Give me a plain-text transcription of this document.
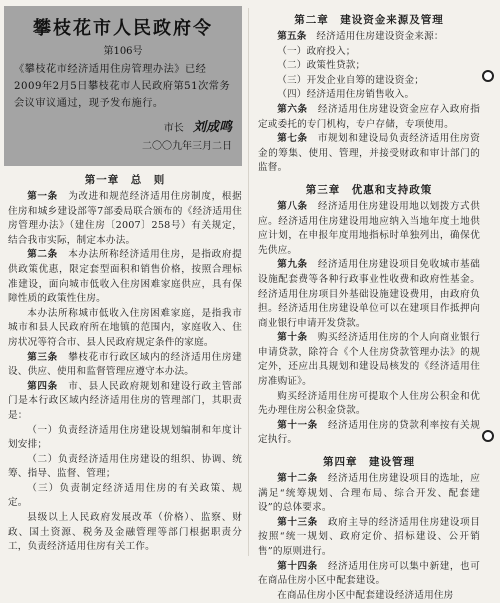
攀枝花市人民政府令
第106号
《攀枝花市经济适用住房管理办法》已经2009年2月5日攀枝花市人民政府第51次常务会议审议通过，现予发布施行。
市长 刘成鸣
二〇〇九年三月二日
第一章　总　则

第一条　 为改进和规范经济适用住房制度，根据住房和城乡建设部等7部委局联合颁布的《经济适用住房管理办法》（建住房〔2007〕258号）有关规定，结合我市实际，制定本办法。

第二条　 本办法所称经济适用住房，是指政府提供政策优惠，限定套型面积和销售价格，按照合理标准建设，面向城市低收入住房困难家庭供应，具有保障性质的政策性住房。

本办法所称城市低收入住房困难家庭，是指我市城市和县人民政府所在地镇的范围内，家庭收入、住房状况等符合市、县人民政府规定条件的家庭。

第三条　 攀枝花市行政区域内的经济适用住房建设、供应、使用和监督管理应遵守本办法。

第四条　 市、县人民政府规划和建设行政主管部门是本行政区域内经济适用住房的管理部门，其职责是：

（一）负责经济适用住房建设规划编制和年度计划安排；

（二）负责经济适用住房建设的组织、协调、统筹、指导、监督、管理；

（三）负责制定经济适用住房的有关政策、规定。

县级以上人民政府发展改革（价格）、监察、财政、国土资源、税务及金融管理等部门根据职责分工，负责经济适用住房有关工作。

第二章　建设资金来源及管理

第五条　 经济适用住房建设资金来源：

（一）政府投入；

（二）政策性贷款；

（三）开发企业自筹的建设资金；

（四）经济适用住房销售收入。

第六条　 经济适用住房建设资金应存入政府指定或委托的专门机构，专户存储，专项使用。

第七条　 市规划和建设局负责经济适用住房资金的筹集、使用、管理，并接受财政和审计部门的监督。

第三章　优惠和支持政策

第八条　 经济适用住房建设用地以划拨方式供应。经济适用住房建设用地应纳入当地年度土地供应计划，在申报年度用地指标时单独列出，确保优先供应。

第九条　 经济适用住房建设项目免收城市基础设施配套费等各种行政事业性收费和政府性基金。经济适用住房项目外基础设施建设费用，由政府负担。经济适用住房建设单位可以在建项目作抵押向商业银行申请开发贷款。

第十条　 购买经济适用住房的个人向商业银行申请贷款，除符合《个人住房贷款管理办法》的规定外，还应出具规划和建设局核发的《经济适用住房准购证》。

购买经济适用住房可提取个人住房公积金和优先办理住房公积金贷款。

第十一条　 经济适用住房的贷款利率按有关规定执行。

第四章　建设管理

第十二条　 经济适用住房建设项目的选址，应满足“统筹规划、合理布局、综合开发、配套建设”的总体要求。

第十三条　 政府主导的经济适用住房建设项目按照“统一规划、政府定价、招标建设、公开销售”的原则进行。

第十四条　 经济适用住房可以集中新建，也可在商品住房小区中配套建设。

在商品住房小区中配套建设经济适用住房
